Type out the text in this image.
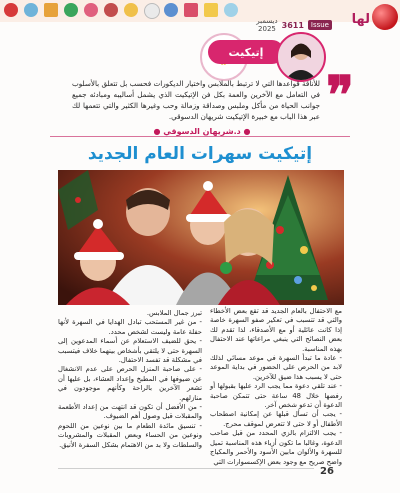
Issue
3611
ديسمبر
2025
لها
إتيكيت
❞
للأناقة قواعدها التي لا ترتبط بالملابس واختيار الديكورات فحسب بل تتعلق بالأسلوب في التعامل مع الآخرين والعمة بكل فن الإتيكيت الذي يشمل أساليبه ومبادئه جميع جوانب الحياة من مأكل وملبس وصداقة وزمالة وحب وغيرها الكثير والتي تتعمها لك عبر هذا الباب مع خبيرة الإتيكيت شريهان الدسوقي.
● د.شريهان الدسوقي ●
إتيكيت سهرات العام الجديد

مع الاحتفال بالعام الجديد قد تقع بعض الأخطاء والتي قد تتسبب في تعكير صفو السهرة خاصة إذا كانت عائلية أو مع الأصدقاء، لذا تقدم لك بعض النصائح التي ينبغي مراعاتها عند الاحتفال بهذه المناسبة.

- عادة ما تبدأ السهرة في موعد مسائي لذلك لابد من الحرص على الحضور في بداية الموعد حتى لا يسبب هذا ضيق للآخرين.

- عند تلقي دعوة مما يجب الرد عليها بقبولها أو رفضها خلال 48 ساعة حتى تتمكن صاحبة الدعوة أن تدعو شخص آخر.

- يجب أن تسأل قبلها عن إمكانية اصطحاب الأطفال أو لا حتى لا تتعرض لموقف محرج.

- يجب الالتزام بالزي المحدد من قبل صاحب الدعوة، وغالبا ما تكون أزياء هذه المناسبة تميل للسهرة والألوان مابين الأسود والأحمر والمكياج واضح صريح مع وجود بعض الإكسسوارات التي

تبرز جمال الملابس.

- من غير المستحب تبادل الهدايا في السهرة لأنها حفلة عامة وليست لشخص محدد.

- يحق للضيف الاستعلام عن أسماء المدعوين إلى السهرة حتى لا يلتقي بأشخاص بينهما خلاف فيتسبب في مشكلة قد تفسد الاحتفال.

- على صاحبة المنزل الحرص على عدم الانشغال عن ضيوفها في المطبخ وإعداد العشاء، بل عليها أن تشعر الآخرين بالراحة وكأنهم موجودون في منازلهم.

- من الأفضل أن تكون قد انتهت من إعداد الأطعمة والمقبلات قبل وصول أهم الضيوف.

- تنسيق مائدة الطعام ما بين نوعين من اللحوم ونوعين من الحساء وبعض المقبلات والمشروبات والسلطات ولا بد من الاهتمام بشكل السفرة الأنيق.

26
